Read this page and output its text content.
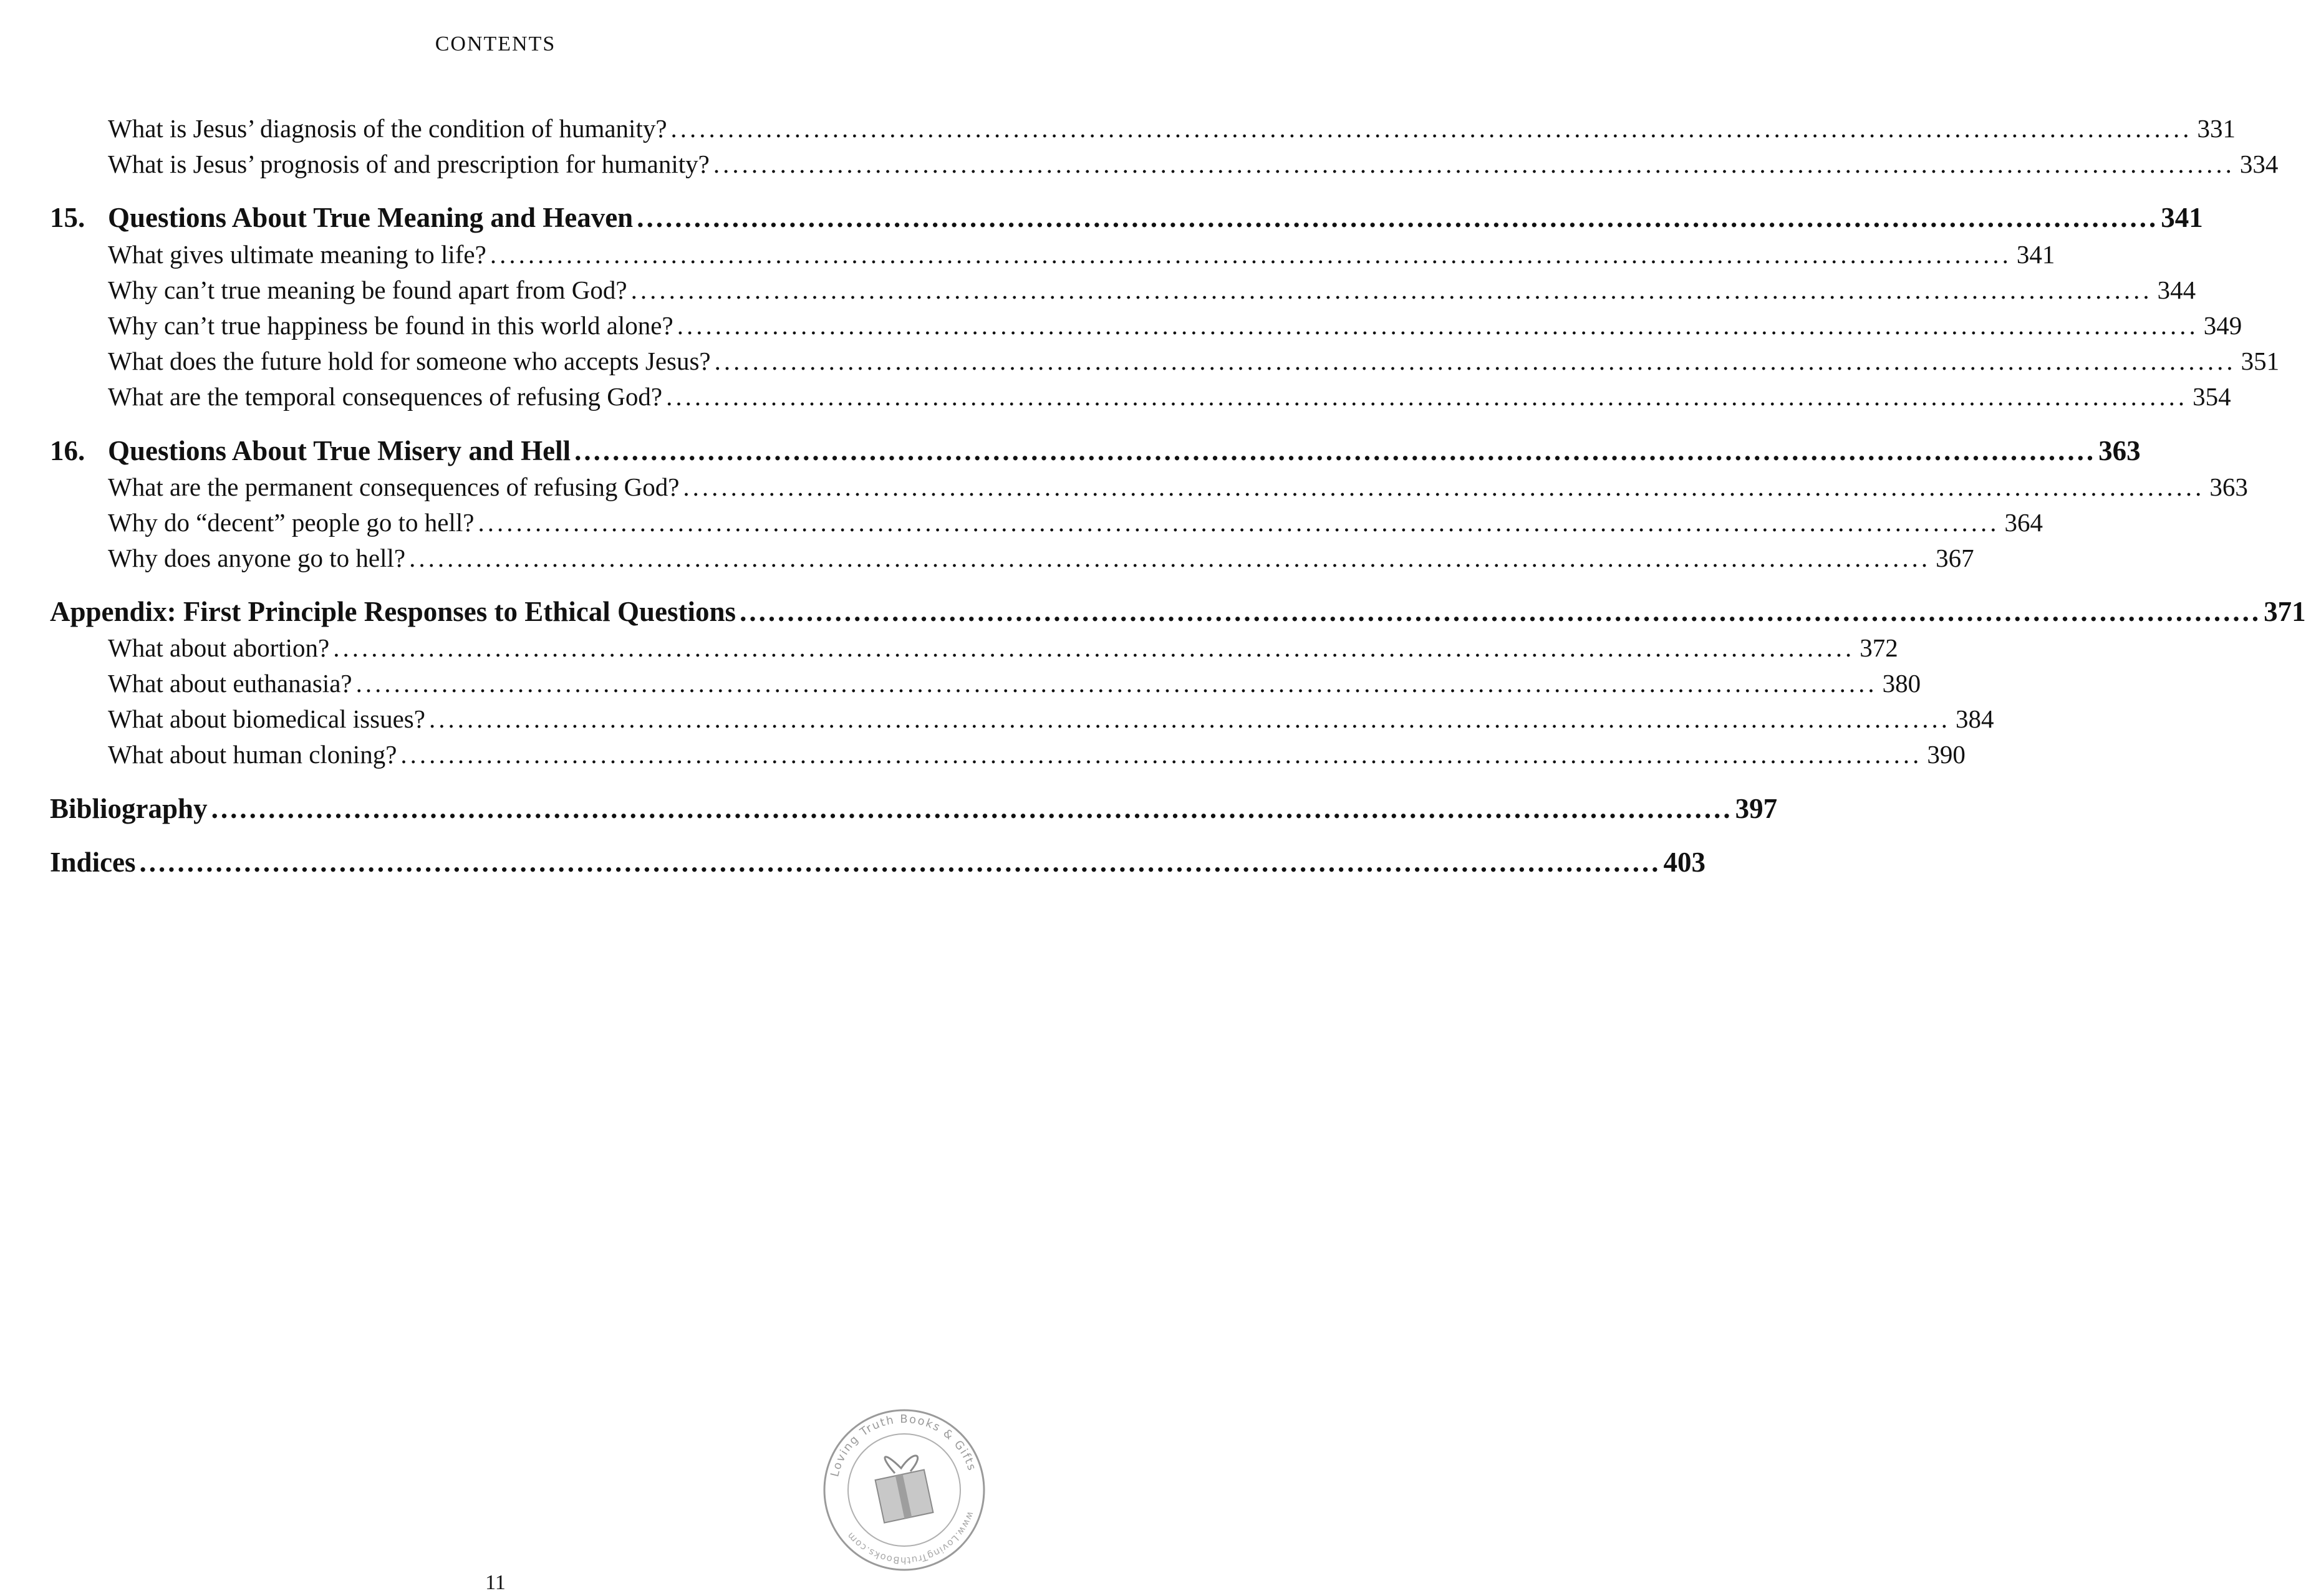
CONTENTS
What is Jesus’ diagnosis of the condition of humanity? ................................................................................................................................................................ 331
What is Jesus’ prognosis of and prescription for humanity? ................................................................................................................................................................ 334
15. Questions About True Meaning and Heaven ................................................................................................................................................................ 341
What gives ultimate meaning to life? ................................................................................................................................................................ 341
Why can’t true meaning be found apart from God? ................................................................................................................................................................ 344
Why can’t true happiness be found in this world alone? ................................................................................................................................................................ 349
What does the future hold for someone who accepts Jesus? ................................................................................................................................................................ 351
What are the temporal consequences of refusing God? ................................................................................................................................................................ 354
16. Questions About True Misery and Hell ................................................................................................................................................................ 363
What are the permanent consequences of refusing God? ................................................................................................................................................................ 363
Why do “decent” people go to hell? ................................................................................................................................................................ 364
Why does anyone go to hell? ................................................................................................................................................................ 367
Appendix: First Principle Responses to Ethical Questions ................................................................................................................................................................ 371
What about abortion? ................................................................................................................................................................ 372
What about euthanasia? ................................................................................................................................................................ 380
What about biomedical issues? ................................................................................................................................................................ 384
What about human cloning? ................................................................................................................................................................ 390
Bibliography ................................................................................................................................................................ 397
Indices ................................................................................................................................................................ 403
11
Loving Truth Books & Gifts
www.LovingTruthBooks.com
